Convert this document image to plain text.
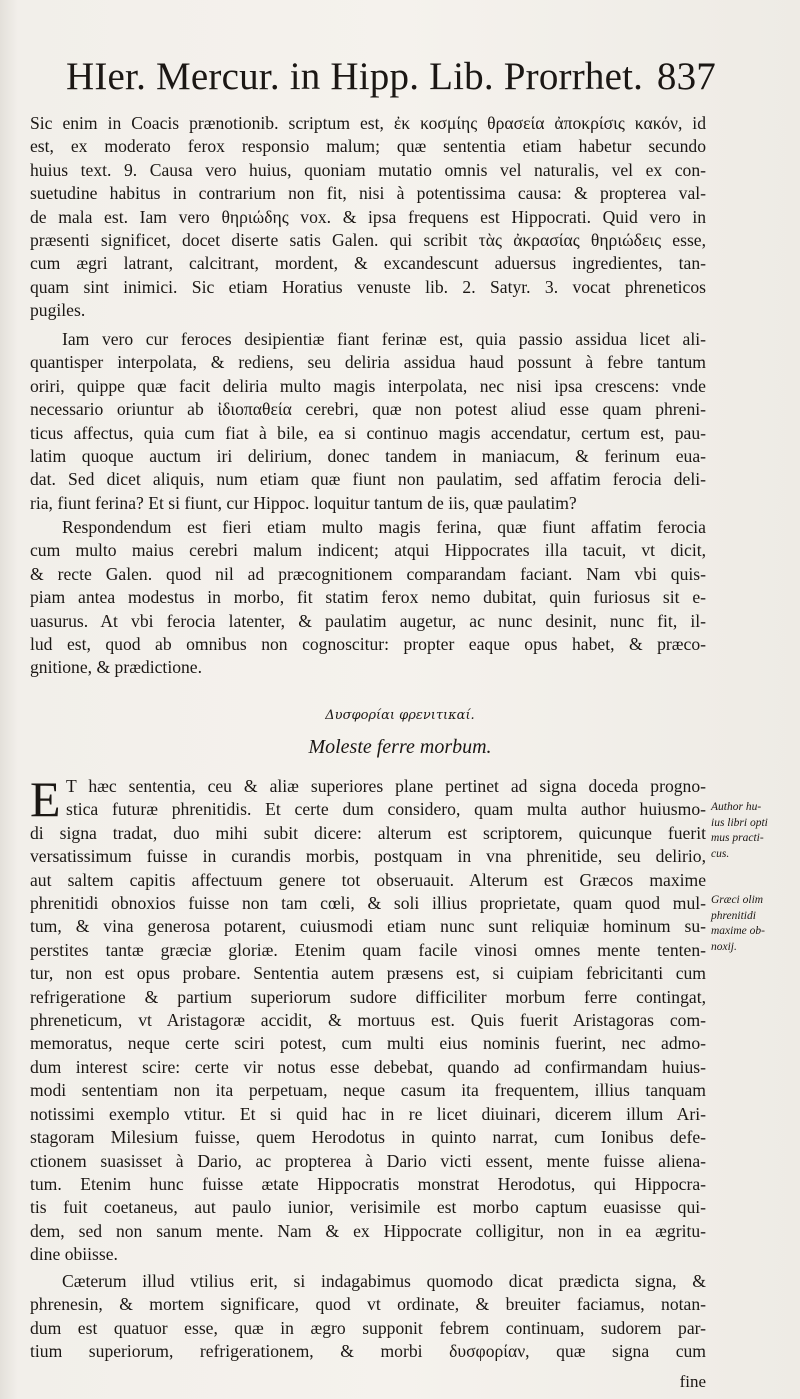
HIer. Mercur. in Hipp. Lib. Prorrhet. 837
Sic enim in Coacis prænotionib. scriptum est, ἐκ κοσμίης θρασεία ἀποκρίσις κακόν, id
est, ex moderato ferox responsio malum; quæ sententia etiam habetur secundo
huius text. 9. Causa vero huius, quoniam mutatio omnis vel naturalis, vel ex con-
suetudine habitus in contrarium non fit, nisi à potentissima causa: & propterea val-
de mala est. Iam vero θηριώδης vox. & ipsa frequens est Hippocrati. Quid vero in
præsenti significet, docet diserte satis Galen. qui scribit τὰς ἀκρασίας θηριώδεις esse,
cum ægri latrant, calcitrant, mordent, & excandescunt aduersus ingredientes, tan-
quam sint inimici. Sic etiam Horatius venuste lib. 2. Satyr. 3. vocat phreneticos
pugiles.
Iam vero cur feroces desipientiæ fiant ferinæ est, quia passio assidua licet ali-
quantisper interpolata, & rediens, seu deliria assidua haud possunt à febre tantum
oriri, quippe quæ facit deliria multo magis interpolata, nec nisi ipsa crescens: vnde
necessario oriuntur ab ἰδιοπαθεία cerebri, quæ non potest aliud esse quam phreni-
ticus affectus, quia cum fiat à bile, ea si continuo magis accendatur, certum est, pau-
latim quoque auctum iri delirium, donec tandem in maniacum, & ferinum eua-
dat. Sed dicet aliquis, num etiam quæ fiunt non paulatim, sed affatim ferocia deli-
ria, fiunt ferina? Et si fiunt, cur Hippoc. loquitur tantum de iis, quæ paulatim?
Respondendum est fieri etiam multo magis ferina, quæ fiunt affatim ferocia
cum multo maius cerebri malum indicent; atqui Hippocrates illa tacuit, vt dicit,
& recte Galen. quod nil ad præcognitionem comparandam faciant. Nam vbi quis-
piam antea modestus in morbo, fit statim ferox nemo dubitat, quin furiosus sit e-
uasurus. At vbi ferocia latenter, & paulatim augetur, ac nunc desinit, nunc fit, il-
lud est, quod ab omnibus non cognoscitur: propter eaque opus habet, & præco-
gnitione, & prædictione.
Δυσφορίαι φρενιτικαί.
Moleste ferre morbum.
E T hæc sententia, ceu & aliæ superiores plane pertinet ad signa doceda progno-
stica futuræ phrenitidis. Et certe dum considero, quam multa author huiusmo-
di signa tradat, duo mihi subit dicere: alterum est scriptorem, quicunque fuerit
versatissimum fuisse in curandis morbis, postquam in vna phrenitide, seu delirio,
aut saltem capitis affectuum genere tot obseruauit. Alterum est Græcos maxime
phrenitidi obnoxios fuisse non tam cœli, & soli illius proprietate, quam quod mul-
tum, & vina generosa potarent, cuiusmodi etiam nunc sunt reliquiæ hominum su-
perstites tantæ græciæ gloriæ. Etenim quam facile vinosi omnes mente tenten-
tur, non est opus probare. Sententia autem præsens est, si cuipiam febricitanti cum
refrigeratione & partium superiorum sudore difficiliter morbum ferre contingat,
phreneticum, vt Aristagoræ accidit, & mortuus est. Quis fuerit Aristagoras com-
memoratus, neque certe sciri potest, cum multi eius nominis fuerint, nec admo-
dum interest scire: certe vir notus esse debebat, quando ad confirmandam huius-
modi sententiam non ita perpetuam, neque casum ita frequentem, illius tanquam
notissimi exemplo vtitur. Et si quid hac in re licet diuinari, dicerem illum Ari-
stagoram Milesium fuisse, quem Herodotus in quinto narrat, cum Ionibus defe-
ctionem suasisset à Dario, ac propterea à Dario victi essent, mente fuisse aliena-
tum. Etenim hunc fuisse ætate Hippocratis monstrat Herodotus, qui Hippocra-
tis fuit coetaneus, aut paulo iunior, verisimile est morbo captum euasisse qui-
dem, sed non sanum mente. Nam & ex Hippocrate colligitur, non in ea ægritu-
dine obiisse.
Cæterum illud vtilius erit, si indagabimus quomodo dicat prædicta signa, &
phrenesin, & mortem significare, quod vt ordinate, & breuiter faciamus, notan-
dum est quatuor esse, quæ in ægro supponit febrem continuam, sudorem par-
tium superiorum, refrigerationem, & morbi δυσφορίαν, quæ signa cum
fine
Author hu-
ius libri opti
mus practi-
cus.
Græci olim
phrenitidi
maxime ob-
noxij.
